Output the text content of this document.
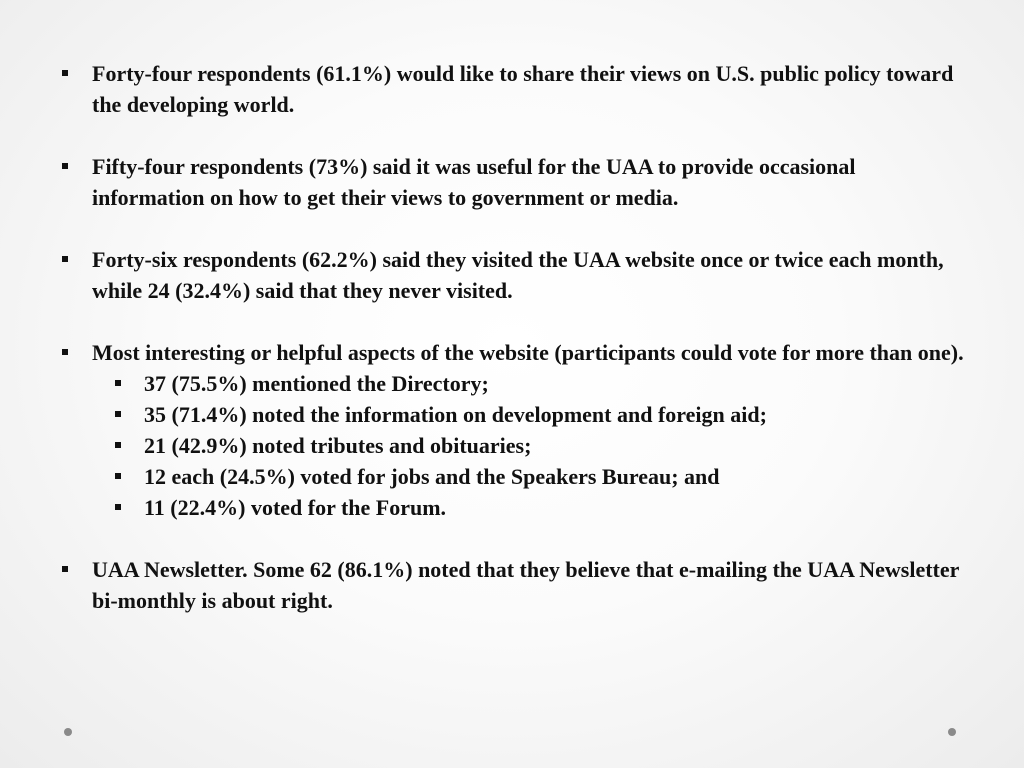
Forty-four respondents (61.1%) would like to share their views on U.S. public policy toward the developing world.
Fifty-four respondents (73%) said it was useful for the UAA to provide occasional information on how to get their views to government or media.
Forty-six respondents (62.2%) said they visited the UAA website once or twice each month, while 24 (32.4%) said that they never visited.
Most interesting or helpful aspects of the website (participants could vote for more than one).
37 (75.5%) mentioned the Directory;
35 (71.4%) noted the information on development and foreign aid;
21 (42.9%) noted tributes and obituaries;
12 each (24.5%) voted for jobs and the Speakers Bureau; and
11 (22.4%) voted for the Forum.
UAA Newsletter. Some 62 (86.1%) noted that they believe that e-mailing the UAA Newsletter bi-monthly is about right.
